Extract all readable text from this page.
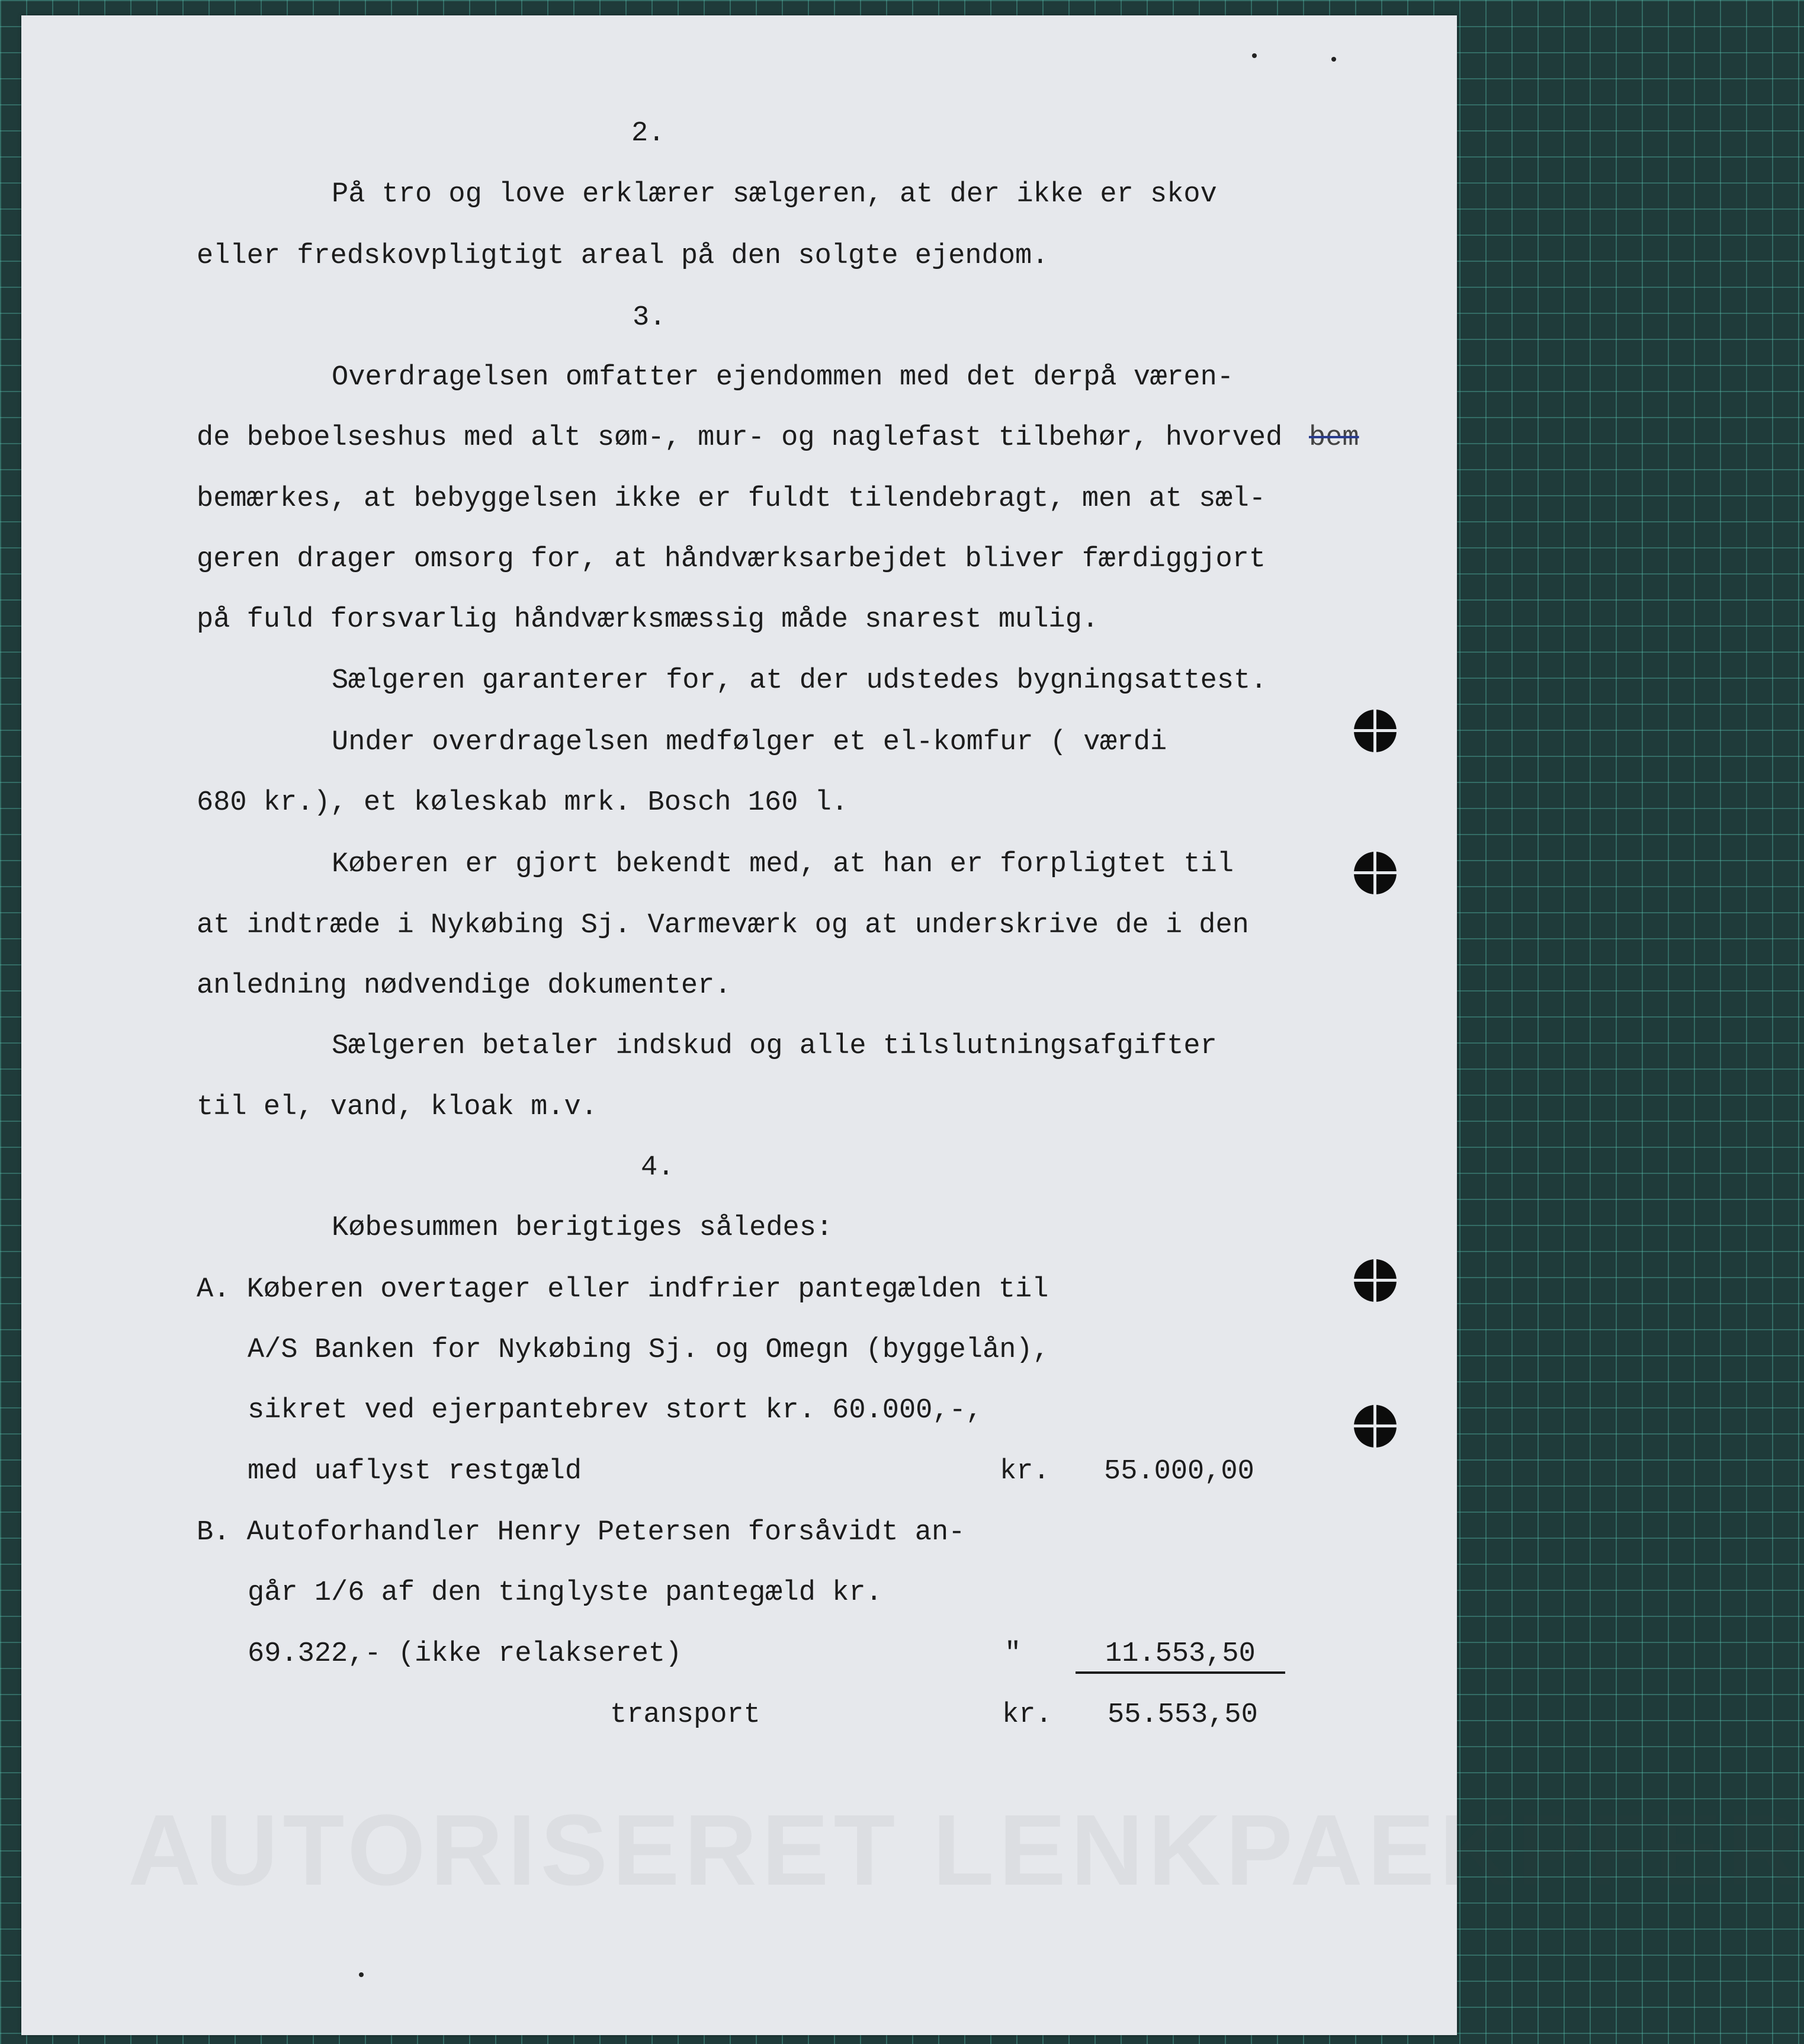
AUTORISERET LENKPAEKPFER
2.
På tro og love erklærer sælgeren, at der ikke er skov
eller fredskovpligtigt areal på den solgte ejendom.
3.
Overdragelsen omfatter ejendommen med det derpå væren-
de beboelseshus med alt søm-, mur- og naglefast tilbehør, hvorved bem
bemærkes, at bebyggelsen ikke er fuldt tilendebragt, men at sæl-
geren drager omsorg for, at håndværksarbejdet bliver færdiggjort
på fuld forsvarlig håndværksmæssig måde snarest mulig.
Sælgeren garanterer for, at der udstedes bygningsattest.
Under overdragelsen medfølger et el-komfur ( værdi
680 kr.), et køleskab mrk. Bosch 160 l.
Køberen er gjort bekendt med, at han er forpligtet til
at indtræde i Nykøbing Sj. Varmeværk og at underskrive de i den
anledning nødvendige dokumenter.
Sælgeren betaler indskud og alle tilslutningsafgifter
til el, vand, kloak m.v.
4.
Købesummen berigtiges således:
A. Køberen overtager eller indfrier pantegælden til
A/S Banken for Nykøbing Sj. og Omegn (byggelån),
sikret ved ejerpantebrev stort kr. 60.000,-,
med uaflyst restgæld	kr. 55.000,00
B. Autoforhandler Henry Petersen forsåvidt an-
går 1/6 af den tinglyste pantegæld kr.
69.322,- (ikke relakseret)	"	11.553,50
transport	kr. 55.553,50
